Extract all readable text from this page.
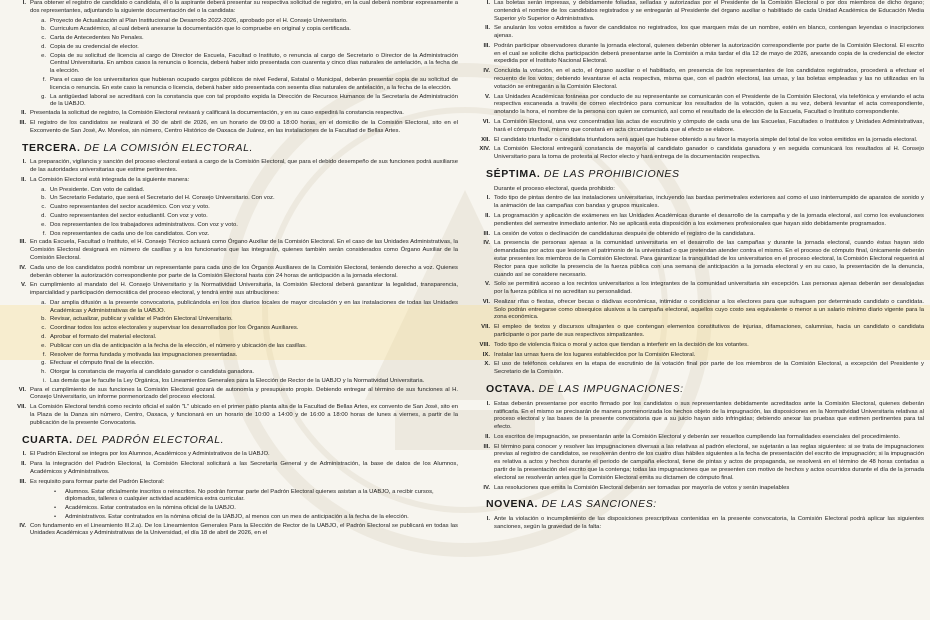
I. Para obtener el registro de candidato o candidata, él o la aspirante deberá presentar su respectiva solicitud de registro, en la cual deberá nombrar expresamente a dos representantes, adjuntando la siguiente documentación del o la candidata:
a. Proyecto de Actualización al Plan Institucional de Desarrollo 2022-2026, aprobado por el H. Consejo Universitario.
b. Curriculum Académico, al cual deberá anexarse la documentación que lo compruebe en original y copia certificada.
c. Carta de Antecedentes No Penales.
d. Copia de su credencial de elector.
e. Copia de su solicitud de licencia al cargo de Director de Escuela, Facultad o Instituto, o renuncia al cargo de Secretario o Director de la Administración Central Universitaria. En ambos casos la renuncia o licencia, deberá haber sido presentada con cuarenta y cinco días naturales de antelación, a la fecha de la elección.
f. Para el caso de los universitarios que hubieran ocupado cargos públicos de nivel Federal, Estatal o Municipal, deberán presentar copia de su solicitud de licencia o renuncia. En este caso la renuncia o licencia, deberá haber sido presentada con sesenta días naturales de antelación, a la fecha de la elección.
g. La antigüedad laboral se acreditará con la constancia que con tal propósito expida la Dirección de Recursos Humanos de la Secretaría de Administración de la UABJO.
II. Presentada la solicitud de registro, la Comisión Electoral revisará y calificará la documentación, y en su caso expedirá la constancia respectiva.
III. El registro de los candidatos se realizará el 30 de abril de 2026, en un horario de 09:00 a 18:00 horas, en el domicilio de la Comisión Electoral, sito en el Exconvento de San José, Av. Morelos, sin número, Centro Histórico de Oaxaca de Juárez, en las instalaciones de la Facultad de Bellas Artes.
TERCERA. DE LA COMISIÓN ELECTORAL.
I. La preparación, vigilancia y sanción del proceso electoral estará a cargo de la Comisión Electoral, que para el debido desempeño de sus funciones podrá auxiliarse de las autoridades universitarias que estime pertinentes.
II. La Comisión Electoral está integrada de la siguiente manera:
a. Un Presidente. Con voto de calidad.
b. Un Secretario Fedatario, que será el Secretario del H. Consejo Universitario. Con voz.
c. Cuatro representantes del sector académico. Con voz y voto.
d. Cuatro representantes del sector estudiantil. Con voz y voto.
e. Dos representantes de los trabajadores administrativos. Con voz y voto.
f. Dos representantes de cada uno de los candidatos. Con voz.
III. En cada Escuela, Facultad o Instituto, el H. Consejo Técnico actuará como Órgano Auxiliar de la Comisión Electoral. En el caso de las Unidades Administrativas, la Comisión Electoral designará en número de casillas y a los funcionarios que las integrarán, quienes también serán considerados como Órgano Auxiliar de la Comisión Electoral.
IV. Cada uno de los candidatos podrá nombrar un representante para cada uno de los Órganos Auxiliares de la Comisión Electoral, teniendo derecho a voz. Quienes deberán obtener la autorización correspondiente por parte de la Comisión Electoral hasta con 24 horas de anticipación a la jornada electoral.
V. En cumplimiento al mandato del H. Consejo Universitario y la Normatividad Universitaria, la Comisión Electoral deberá garantizar la legalidad, transparencia, imparcialidad y participación democrática del proceso electoral, y tendrá entre sus atribuciones:
a. Dar amplia difusión a la presente convocatoria, publicándola en los dos diarios locales de mayor circulación y en las instalaciones de todas las Unidades Académicas y Administrativas de la UABJO.
b. Revisar, actualizar, publicar y validar el Padrón Electoral Universitario.
c. Coordinar todos los actos electorales y supervisar los desarrollados por los Órganos Auxiliares.
d. Aprobar el formato del material electoral.
e. Publicar con un día de anticipación a la fecha de la elección, el número y ubicación de las casillas.
f. Resolver de forma fundada y motivada las impugnaciones presentadas.
g. Efectuar el cómputo final de la elección.
h. Otorgar la constancia de mayoría al candidato ganador o candidata ganadora.
i. Las demás que le faculte la Ley Orgánica, los Lineamientos Generales para la Elección de Rector de la UABJO y la Normatividad Universitaria.
VI. Para el cumplimiento de sus funciones la Comisión Electoral gozará de autonomía y presupuesto propio. Debiendo entregar al término de sus funciones al H. Consejo Universitario, un informe pormenorizado del proceso electoral.
VII. La Comisión Electoral tendrá como recinto oficial el salón "L" ubicado en el primer patio planta alta de la Facultad de Bellas Artes, ex convento de San José, sito en la Plaza de la Danza sin número, Centro, Oaxaca, y funcionará en un horario de 10:00 a 14:00 y de 16:00 a 18:00 horas de lunes a viernes, a partir de la publicación de la presente Convocatoria.
CUARTA. DEL PADRÓN ELECTORAL.
I. El Padrón Electoral se integra por los Alumnos, Académicos y Administrativos de la UABJO.
II. Para la integración del Padrón Electoral, la Comisión Electoral solicitará a las Secretaría General y de Administración, la base de datos de los Alumnos, Académicos y Administrativos.
III. Es requisito para formar parte del Padrón Electoral:
•	Alumnos. Estar oficialmente inscritos o reinscritos. No podrán formar parte del Padrón Electoral quienes asistan a la UABJO, a recibir cursos, diplomados, talleres o cualquier actividad académica extra curricular.
•	Académicos. Estar contratados en la nómina oficial de la UABJO.
•	Administrativos. Estar contratados en la nómina oficial de la UABJO, al menos con un mes de anticipación a la fecha de la elección.
IV. Con fundamento en el Lineamiento III.2.a). De los Lineamientos Generales Para la Elección de Rector de la UABJO, el Padrón Electoral se publicará en todas las Unidades Académicas y Administrativas de la Universidad, el día 18 de abril de 2026, en el
I. Las boletas serán impresas, y debidamente foliadas, selladas y autorizadas por el Presidente de la Comisión Electoral o por dos miembros de dicho órgano; contendrá el nombre de los candidatos registrados y se entregarán al Presidente del órgano auxiliar o habilitado de cada Unidad Académica de Educación Media Superior y/o Superior o Administrativa.
II. Se anularán los votos emitidos a favor de candidatos no registrados, los que marquen más de un nombre, estén en blanco, contengan leyendas o inscripciones ajenas.
III. Podrán participar observadores durante la jornada electoral, quienes deberán obtener la autorización correspondiente por parte de la Comisión Electoral. El escrito en el cual se solicite dicha participación deberá presentarse ante la Comisión a más tardar el día 12 de mayo de 2026, anexando copia de la credencial de elector expedida por el Instituto Nacional Electoral.
IV. Concluida la votación, en el acto, el órgano auxiliar o el habilitado, en presencia de los representantes de los candidatos registrados, procederá a efectuar el recuento de los votos; debiendo levantarse el acta respectiva, misma que, con el padrón electoral, las urnas, y las boletas empleadas y las no utilizadas en la votación se entregarán a la Comisión Electoral.
V. Las Unidades Académicas foráneas por conducto de su representante se comunicarán con el Presidente de la Comisión Electoral, vía telefónica y enviando el acta respectiva escaneada a través de correo electrónico para comunicar los resultados de la votación, quien a su vez, deberá levantar el acta correspondiente, anotando la hora, el nombre de la persona con quien se comunicó, así como el resultado de la elección de la Escuela, Facultad o Instituto correspondiente.
VI. La Comisión Electoral, una vez concentradas las actas de escrutinio y cómputo de cada una de las Escuelas, Facultades o Institutos y Unidades Administrativas, hará el cómputo final, mismo que constará en acta circunstanciada que al efecto se elabore.
XII. El candidato triunfador o candidata triunfadora será aquel que hubiese obtenido a su favor la mayoría simple del total de los votos emitidos en la jornada electoral.
XIV. La Comisión Electoral entregará constancia de mayoría al candidato ganador o candidata ganadora y en seguida comunicará los resultados al H. Consejo Universitario para la toma de protesta al Rector electo y hará entrega de la documentación respectiva.
SÉPTIMA. DE LAS PROHIBICIONES
Durante el proceso electoral, queda prohibido:
I. Todo tipo de pintas dentro de las instalaciones universitarias, incluyendo las bardas perimetrales exteriores así como el uso ininterrumpido de aparatos de sonido y la animación de las campañas con bandas y grupos musicales.
II. La programación y aplicación de exámenes en las Unidades Académicas durante el desarrollo de la campaña y de la jornada electoral, así como los evaluaciones pendientes del semestre inmediato anterior. No se aplicará esta disposición a los exámenes profesionales que hayan sido debidamente programados.
III. La cesión de votos o declinación de candidaturas después de obtenido el registro de la candidatura.
IV. La presencia de personas ajenas a la comunidad universitaria en el desarrollo de las campañas y durante la jornada electoral, cuando éstas hayan sido demandadas por actos que lesionen el patrimonio de la universidad o que pretendan atender contra el mismo. En el proceso de cómputo final, únicamente deberán estar presentes los miembros de la Comisión Electoral. Para garantizar la tranquilidad de los universitarios en el proceso electoral, la Comisión Electoral requerirá al Rector para que solicite la presencia de la fuerza pública con una semana de anticipación a la jornada electoral y en su caso, la presentación de la denuncia, cuando así se considere necesario.
V. Solo se permitirá acceso a los recintos universitarios a los integrantes de la comunidad universitaria sin excepción. Las personas ajenas deberán ser desalojadas por la fuerza pública si no acreditan su personalidad.
VI. Realizar rifas o fiestas, ofrecer becas o dádivas económicas, intimidar o condicionar a los electores para que sufraguen por determinado candidato o candidata. Solo podrán entregarse como obsequios alusivos a la campaña electoral, aquellos cuyo costo sea equivalente o menor a un salario mínimo diario vigente para la zona económica.
VII. El empleo de textos y discursos ultrajantes o que contengan elementos constitutivos de injurias, difamaciones, calumnias, hacia un candidato o candidata participante o por parte de sus respectivos simpatizantes.
VIII. Todo tipo de violencia física o moral y actos que tiendan a interferir en la decisión de los votantes.
IX. Instalar las urnas fuera de los lugares establecidos por la Comisión Electoral.
X. El uso de teléfonos celulares en la etapa de escrutinio de la votación final por parte de los miembros de la Comisión Electoral, a excepción del Presidente y Secretario de la Comisión.
OCTAVA. DE LAS IMPUGNACIONES:
I. Estas deberán presentarse por escrito firmado por los candidatos o sus representantes debidamente acreditados ante la Comisión Electoral, quienes deberán ratificarla. En el mismo se precisarán de manera pormenorizada los hechos objeto de la impugnación, las disposiciones en la Normatividad Universitaria relativas al proceso electoral y las bases de la presente convocatoria que a su juicio hayan sido infringidas; debiendo anexar las pruebas que estimen pertinentes para tal efecto.
II. Los escritos de impugnación, se presentarán ante la Comisión Electoral y deberán ser resueltos cumpliendo las formalidades esenciales del procedimiento.
III. El término para conocer y resolver las impugnaciones diversas a las relativas al padrón electoral, se sujetarán a las reglas siguientes: si se trata de impugnaciones previas al registro de candidatos, se resolverán dentro de los cuatro días hábiles siguientes a la fecha de presentación del escrito de impugnación; si la impugnación es relativa a actos y hechos durante el periodo de campaña electoral, tiene de pintas y actos de propaganda, se resolverá en el término de 48 horas contadas a partir de la presentación del escrito que la contenga; todas las impugnaciones que se presenten con motivo de hechos y actos ocurridos durante el día de la jornada electoral se resolverán antes que la Comisión Electoral emita su dictamen de cómputo final.
IV. Las resoluciones que emita la Comisión Electoral deberán ser tomadas por mayoría de votos y serán inapelables
NOVENA. DE LAS SANCIONES:
I. Ante la violación o incumplimiento de las disposiciones prescriptivas contenidas en la presente convocatoria, la Comisión Electoral podrá aplicar las siguientes sanciones, según la gravedad de la falta:
